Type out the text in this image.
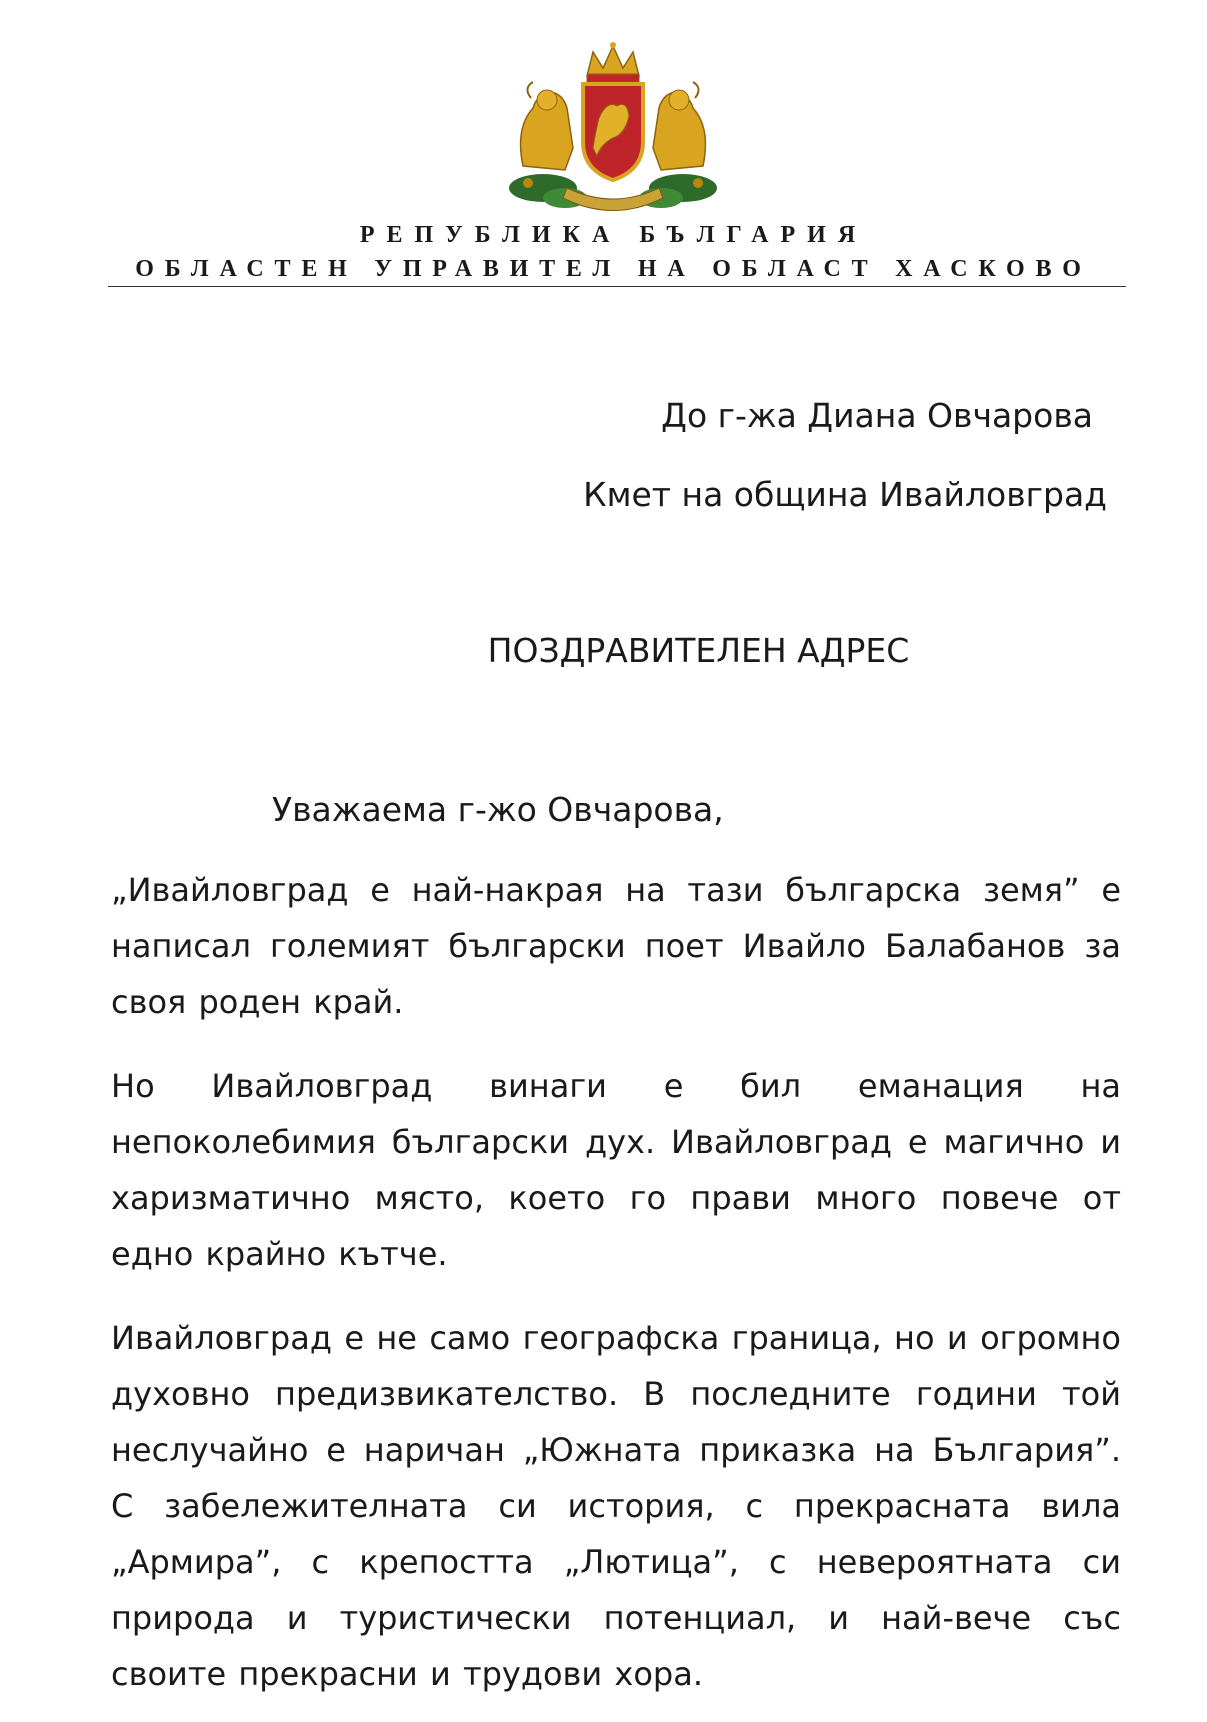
РЕПУБЛИКА БЪЛГАРИЯ
ОБЛАСТЕН УПРАВИТЕЛ НА ОБЛАСТ ХАСКОВО
До г-жа Диана Овчарова
Кмет на община Ивайловград
ПОЗДРАВИТЕЛЕН АДРЕС
Уважаема г-жо Овчарова,
„Ивайловград е най-накрая на тази българска земя” е написал големият български поет Ивайло Балабанов за своя роден край.
Но Ивайловград винаги е бил еманация на непоколебимия български дух. Ивайловград е магично и харизматично място, което го прави много повече от едно крайно кътче.
Ивайловград е не само географска граница, но и огромно духовно предизвикателство. В последните години той неслучайно е наричан „Южната приказка на България”. С забележителната си история, с прекрасната вила „Армира”, с крепостта „Лютица”, с невероятната си природа и туристически потенциал, и най-вече със своите прекрасни и трудови хора.
